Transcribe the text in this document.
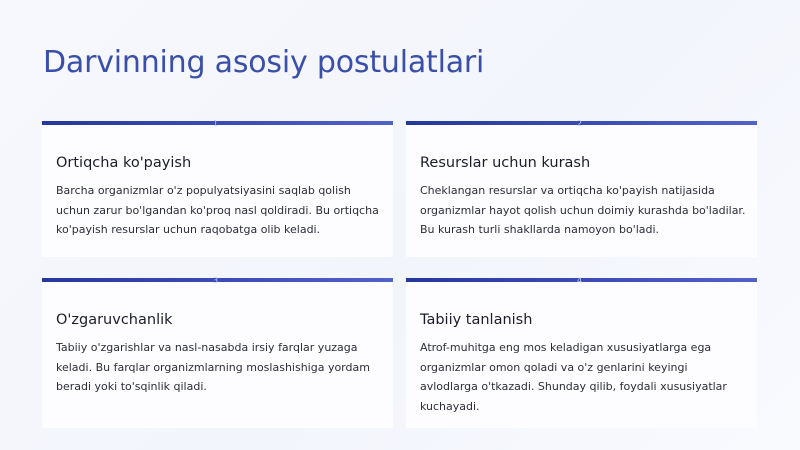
Darvinning asosiy postulatlari
1
Ortiqcha ko'payish

Barcha organizmlar o'z populyatsiyasini saqlab qolish uchun zarur bo'lgandan ko'proq nasl qoldiradi. Bu ortiqcha ko'payish resurslar uchun raqobatga olib keladi.

2
Resurslar uchun kurash

Cheklangan resurslar va ortiqcha ko'payish natijasida organizmlar hayot qolish uchun doimiy kurashda bo'ladilar. Bu kurash turli shakllarda namoyon bo'ladi.

3
O'zgaruvchanlik

Tabiiy o'zgarishlar va nasl-nasabda irsiy farqlar yuzaga keladi. Bu farqlar organizmlarning moslashishiga yordam beradi yoki to'sqinlik qiladi.

4
Tabiiy tanlanish

Atrof-muhitga eng mos keladigan xususiyatlarga ega organizmlar omon qoladi va o'z genlarini keyingi avlodlarga o'tkazadi. Shunday qilib, foydali xususiyatlar kuchayadi.
